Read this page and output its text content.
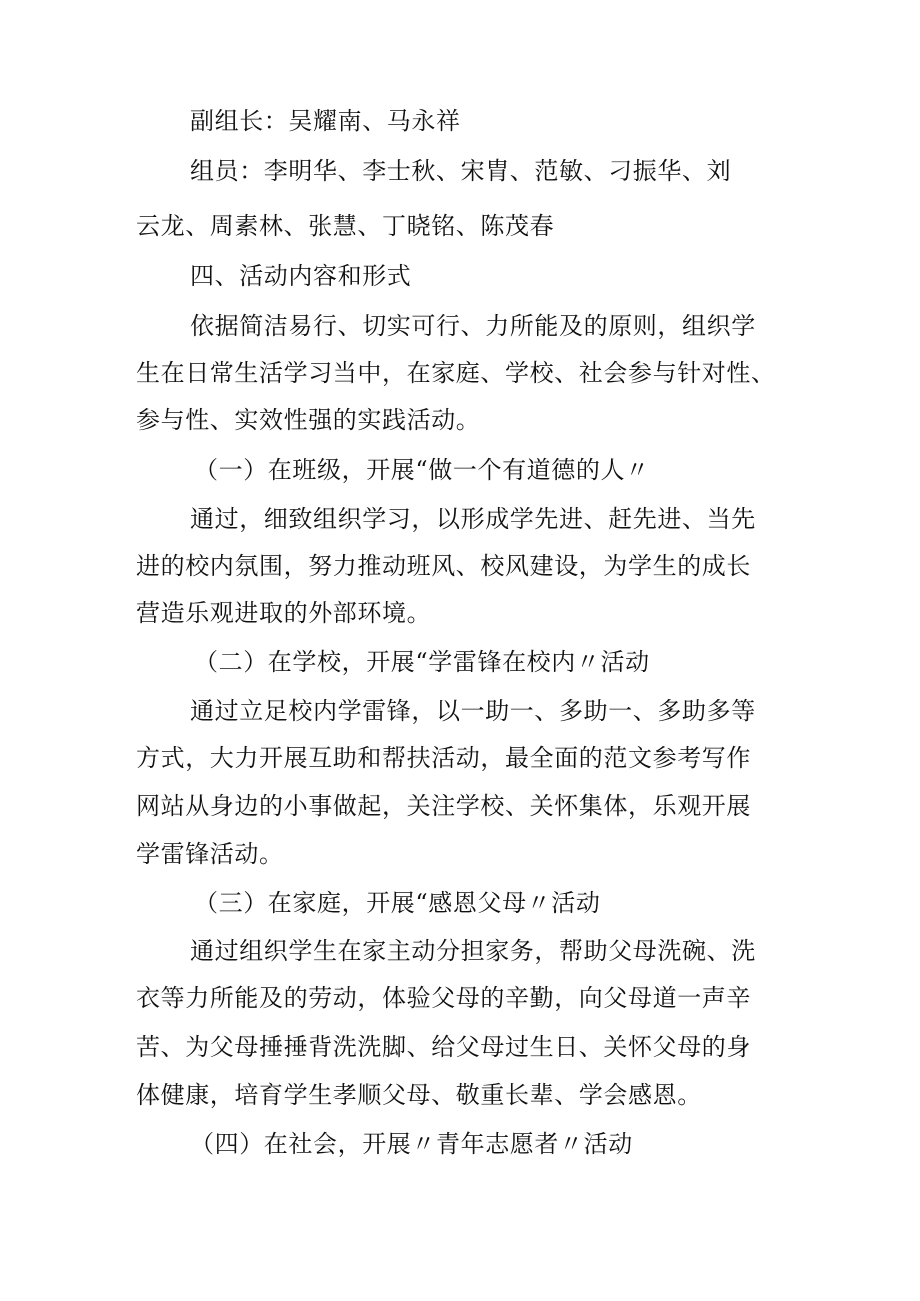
副组长：吴耀南、马永祥
组员：李明华、李士秋、宋胄、范敏、刁振华、刘
云龙、周素林、张慧、丁晓铭、陈茂春
四、活动内容和形式
依据简洁易行、切实可行、力所能及的原则，组织学
生在日常生活学习当中，在家庭、学校、社会参与针对性、
参与性、实效性强的实践活动。
（一）在班级，开展“做一个有道德的人〃
通过，细致组织学习，以形成学先进、赶先进、当先
进的校内氛围，努力推动班风、校风建设，为学生的成长
营造乐观进取的外部环境。
（二）在学校，开展“学雷锋在校内〃活动
通过立足校内学雷锋，以一助一、多助一、多助多等
方式，大力开展互助和帮扶活动，最全面的范文参考写作
网站从身边的小事做起，关注学校、关怀集体，乐观开展
学雷锋活动。
（三）在家庭，开展“感恩父母〃活动
通过组织学生在家主动分担家务，帮助父母洗碗、洗
衣等力所能及的劳动，体验父母的辛勤，向父母道一声辛
苦、为父母捶捶背洗洗脚、给父母过生日、关怀父母的身
体健康，培育学生孝顺父母、敬重长辈、学会感恩。
（四）在社会，开展〃青年志愿者〃活动
